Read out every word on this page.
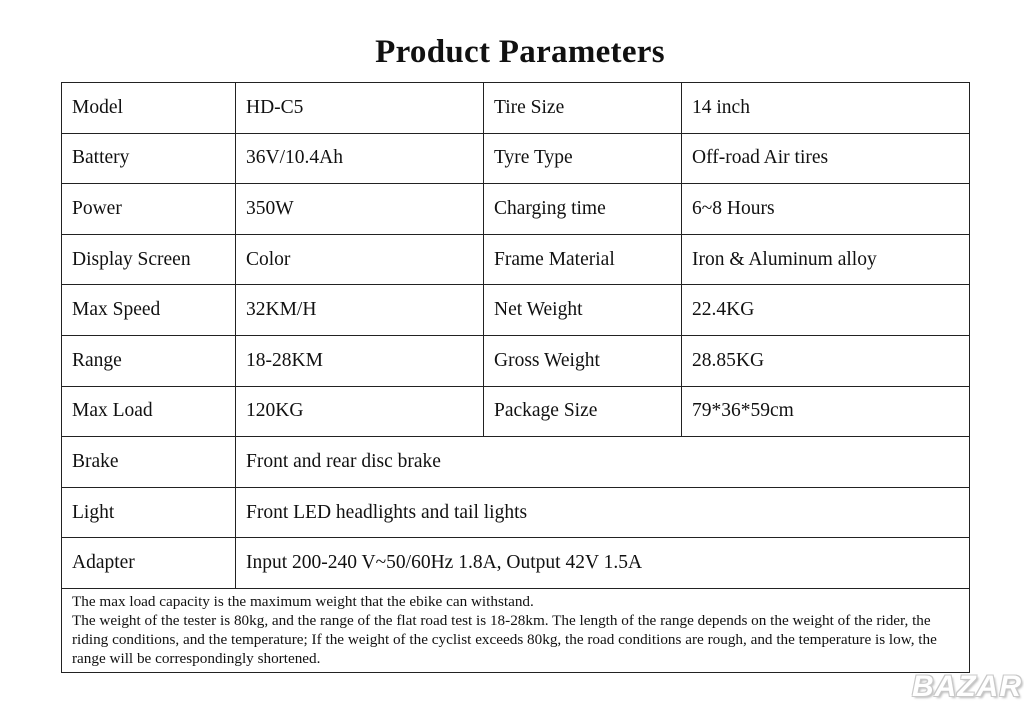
Product Parameters
Model	HD-C5	Tire Size	14 inch
Battery	36V/10.4Ah	Tyre Type	Off-road Air tires
Power	350W	Charging time	6~8 Hours
Display Screen	Color	Frame Material	Iron & Aluminum alloy
Max Speed	32KM/H	Net Weight	22.4KG
Range	18-28KM	Gross Weight	28.85KG
Max Load	120KG	Package Size	79*36*59cm
Brake	Front and rear disc brake		
Light	Front LED headlights and tail lights		
Adapter	Input 200-240 V~50/60Hz 1.8A, Output 42V 1.5A		

The max load capacity is the maximum weight that the ebike can withstand.

The weight of the tester is 80kg, and the range of the flat road test is 18-28km. The length of the range depends on the weight of the rider, the riding conditions, and the temperature; If the weight of the cyclist exceeds 80kg, the road conditions are rough, and the temperature is low, the range will be correspondingly shortened.			

BAZAR
